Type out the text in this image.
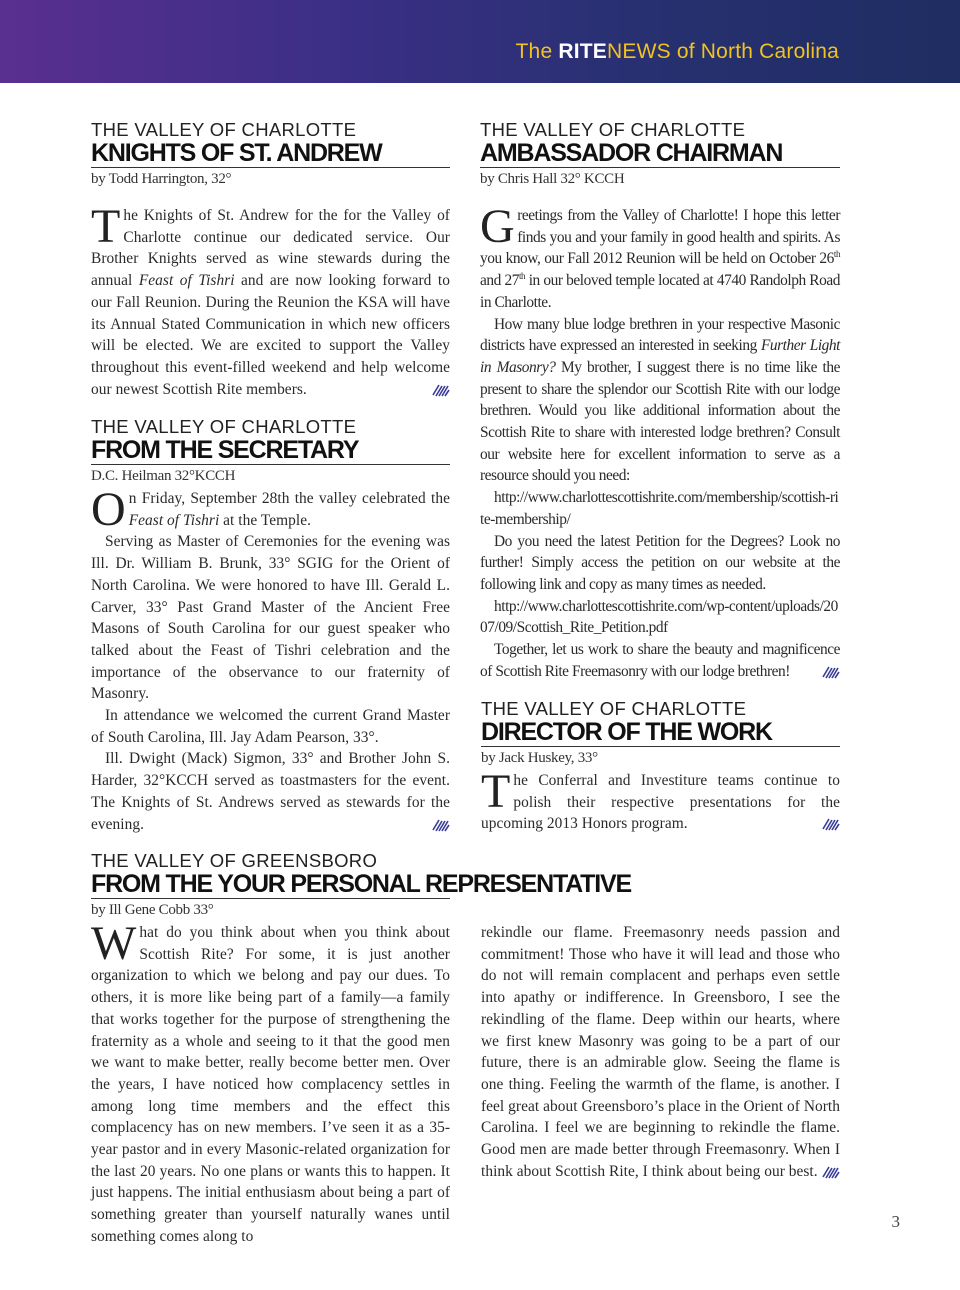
The RITENEWS of North Carolina
THE VALLEY OF CHARLOTTE
KNIGHTS OF ST. ANDREW
by Todd Harrington, 32°

The Knights of St. Andrew for the for the Valley of Charlotte continue our dedicated service. Our Brother Knights served as wine stewards during the annual Feast of Tishri and are now looking forward to our Fall Reunion. During the Reunion the KSA will have its Annual Stated Communication in which new officers will be elected. We are excited to support the Valley throughout this event-filled weekend and help welcome our newest Scottish Rite members.

THE VALLEY OF CHARLOTTE
FROM THE SECRETARY
D.C. Heilman 32°KCCH

On Friday, September 28th the valley celebrated the Feast of Tishri at the Temple.

Serving as Master of Ceremonies for the evening was Ill. Dr. William B. Brunk, 33° SGIG for the Orient of North Carolina. We were honored to have Ill. Gerald L. Carver, 33° Past Grand Master of the Ancient Free Masons of South Carolina for our guest speaker who talked about the Feast of Tishri celebration and the importance of the observance to our fraternity of Masonry.

In attendance we welcomed the current Grand Master of South Carolina, Ill. Jay Adam Pearson, 33°.

Ill. Dwight (Mack) Sigmon, 33° and Brother John S. Harder, 32°KCCH served as toastmasters for the event. The Knights of St. Andrews served as stewards for the evening.

THE VALLEY OF CHARLOTTE
AMBASSADOR CHAIRMAN
by Chris Hall 32° KCCH

Greetings from the Valley of Charlotte! I hope this letter finds you and your family in good health and spirits. As you know, our Fall 2012 Reunion will be held on October 26th and 27th in our beloved temple located at 4740 Randolph Road in Charlotte.

How many blue lodge brethren in your respective Masonic districts have expressed an interested in seeking Further Light in Masonry? My brother, I suggest there is no time like the present to share the splendor our Scottish Rite with our lodge brethren. Would you like additional information about the Scottish Rite to share with interested lodge brethren? Consult our website here for excellent information to serve as a resource should you need:

http://www.charlottescottishrite.com/membership/scottish-rite-membership/

Do you need the latest Petition for the Degrees? Look no further! Simply access the petition on our website at the following link and copy as many times as needed.

http://www.charlottescottishrite.com/wp-content/uploads/2007/09/Scottish_Rite_Petition.pdf

Together, let us work to share the beauty and magnificence of Scottish Rite Freemasonry with our lodge brethren!

THE VALLEY OF CHARLOTTE
DIRECTOR OF THE WORK
by Jack Huskey, 33°

The Conferral and Investiture teams continue to polish their respective presentations for the upcoming 2013 Honors program.

THE VALLEY OF GREENSBORO
FROM THE YOUR PERSONAL REPRESENTATIVE
by Ill Gene Cobb 33°

What do you think about when you think about Scottish Rite? For some, it is just another organization to which we belong and pay our dues. To others, it is more like being part of a family—a family that works together for the purpose of strengthening the fraternity as a whole and seeing to it that the good men we want to make better, really become better men. Over the years, I have noticed how complacency settles in among long time members and the effect this complacency has on new members. I’ve seen it as a 35-year pastor and in every Masonic-related organization for the last 20 years. No one plans or wants this to happen. It just happens. The initial enthusiasm about being a part of something greater than yourself naturally wanes until something comes along to

rekindle our flame. Freemasonry needs passion and commitment! Those who have it will lead and those who do not will remain complacent and perhaps even settle into apathy or indifference. In Greensboro, I see the rekindling of the flame. Deep within our hearts, where we first knew Masonry was going to be a part of our future, there is an admirable glow. Seeing the flame is one thing. Feeling the warmth of the flame, is another. I feel great about Greensboro’s place in the Orient of North Carolina. I feel we are beginning to rekindle the flame. Good men are made better through Freemasonry. When I think about Scottish Rite, I think about being our best.

3
